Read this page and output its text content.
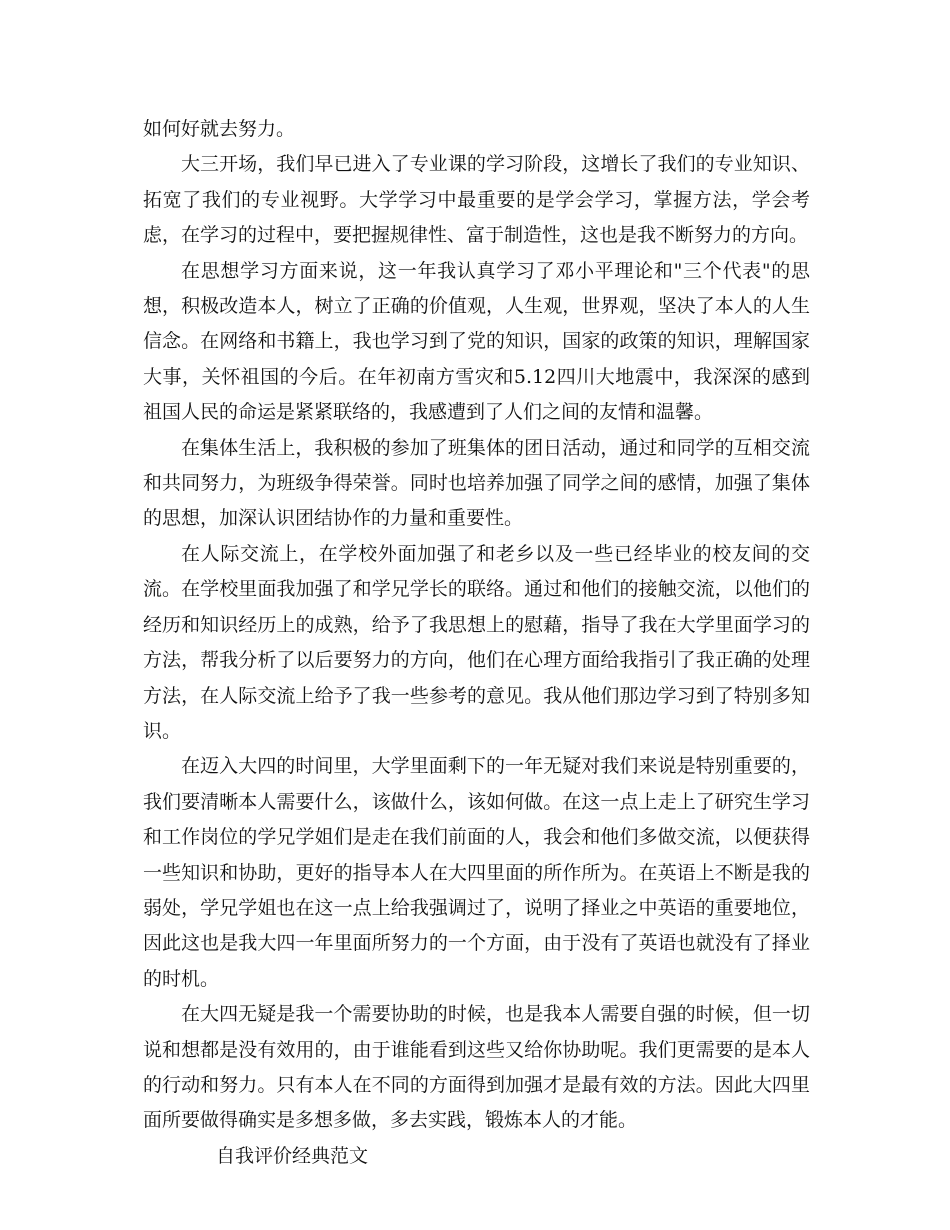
如何好就去努力。

大三开场，我们早已进入了专业课的学习阶段，这增长了我们的专业知识、拓宽了我们的专业视野。大学学习中最重要的是学会学习，掌握方法，学会考虑，在学习的过程中，要把握规律性、富于制造性，这也是我不断努力的方向。

在思想学习方面来说，这一年我认真学习了邓小平理论和"三个代表"的思想，积极改造本人，树立了正确的价值观，人生观，世界观，坚决了本人的人生信念。在网络和书籍上，我也学习到了党的知识，国家的政策的知识，理解国家大事，关怀祖国的今后。在年初南方雪灾和5.12四川大地震中，我深深的感到祖国人民的命运是紧紧联络的，我感遭到了人们之间的友情和温馨。

在集体生活上，我积极的参加了班集体的团日活动，通过和同学的互相交流和共同努力，为班级争得荣誉。同时也培养加强了同学之间的感情，加强了集体的思想，加深认识团结协作的力量和重要性。

在人际交流上，在学校外面加强了和老乡以及一些已经毕业的校友间的交流。在学校里面我加强了和学兄学长的联络。通过和他们的接触交流，以他们的经历和知识经历上的成熟，给予了我思想上的慰藉，指导了我在大学里面学习的方法，帮我分析了以后要努力的方向，他们在心理方面给我指引了我正确的处理方法，在人际交流上给予了我一些参考的意见。我从他们那边学习到了特别多知识。

在迈入大四的时间里，大学里面剩下的一年无疑对我们来说是特别重要的，我们要清晰本人需要什么，该做什么，该如何做。在这一点上走上了研究生学习和工作岗位的学兄学姐们是走在我们前面的人，我会和他们多做交流，以便获得一些知识和协助，更好的指导本人在大四里面的所作所为。在英语上不断是我的弱处，学兄学姐也在这一点上给我强调过了，说明了择业之中英语的重要地位，因此这也是我大四一年里面所努力的一个方面，由于没有了英语也就没有了择业的时机。

在大四无疑是我一个需要协助的时候，也是我本人需要自强的时候，但一切说和想都是没有效用的，由于谁能看到这些又给你协助呢。我们更需要的是本人的行动和努力。只有本人在不同的方面得到加强才是最有效的方法。因此大四里面所要做得确实是多想多做，多去实践，锻炼本人的才能。

自我评价经典范文
